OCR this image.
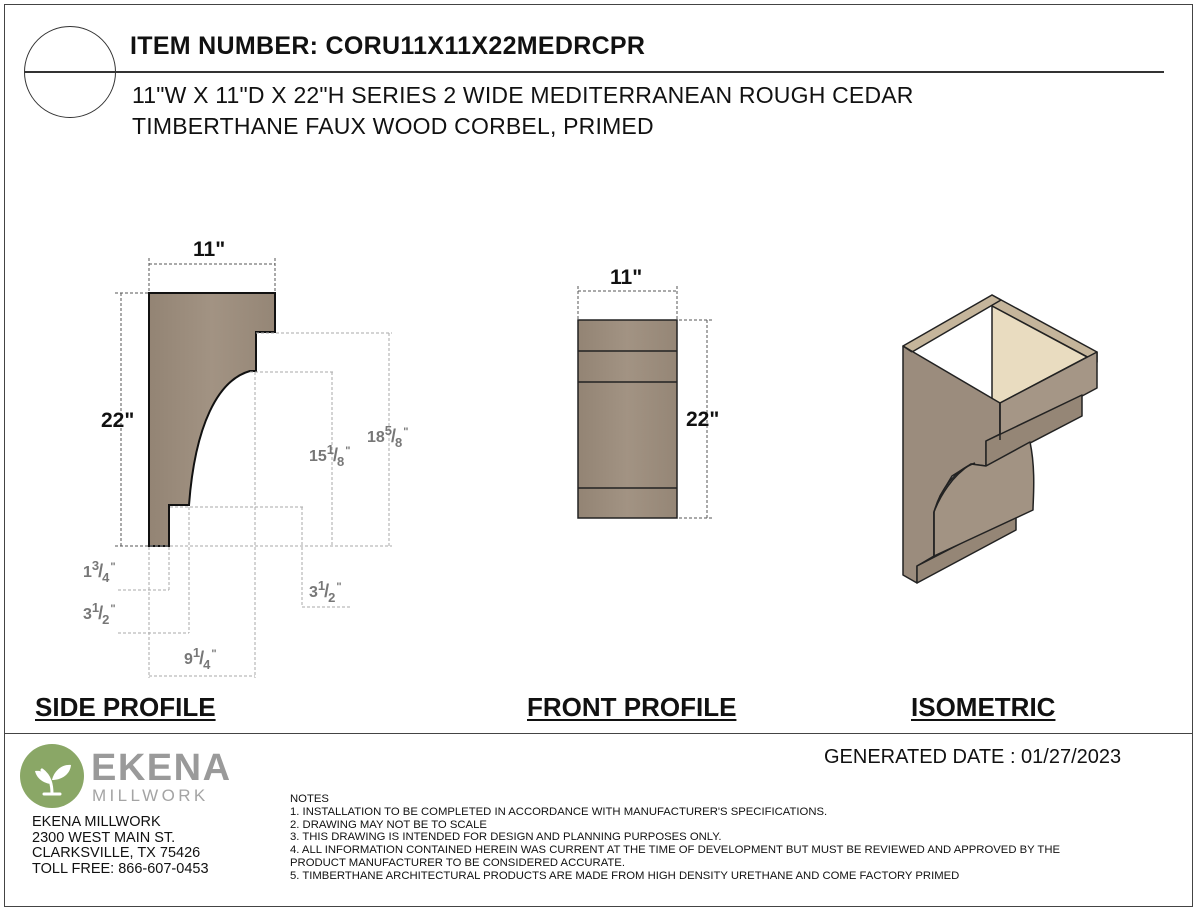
ITEM NUMBER: CORU11X11X22MEDRCPR
11"W X 11"D X 22"H SERIES 2 WIDE MEDITERRANEAN ROUGH CEDAR
TIMBERTHANE FAUX WOOD CORBEL, PRIMED
11"
22"
11"
22"
151/8"
185/8"
13/4"
31/2"
31/2"
91/4"
SIDE PROFILE	FRONT PROFILE	ISOMETRIC
GENERATED DATE : 01/27/2023
EKENA
MILLWORK
EKENA MILLWORK
2300 WEST MAIN ST.
CLARKSVILLE, TX 75426
TOLL FREE: 866-607-0453
NOTES
1. INSTALLATION TO BE COMPLETED IN ACCORDANCE WITH MANUFACTURER'S SPECIFICATIONS.
2. DRAWING MAY NOT BE TO SCALE
3. THIS DRAWING IS INTENDED FOR DESIGN AND PLANNING PURPOSES ONLY.
4. ALL INFORMATION CONTAINED HEREIN WAS CURRENT AT THE TIME OF DEVELOPMENT BUT MUST BE REVIEWED AND APPROVED BY THE
PRODUCT MANUFACTURER TO BE CONSIDERED ACCURATE.
5. TIMBERTHANE ARCHITECTURAL PRODUCTS ARE MADE FROM HIGH DENSITY URETHANE AND COME FACTORY PRIMED
